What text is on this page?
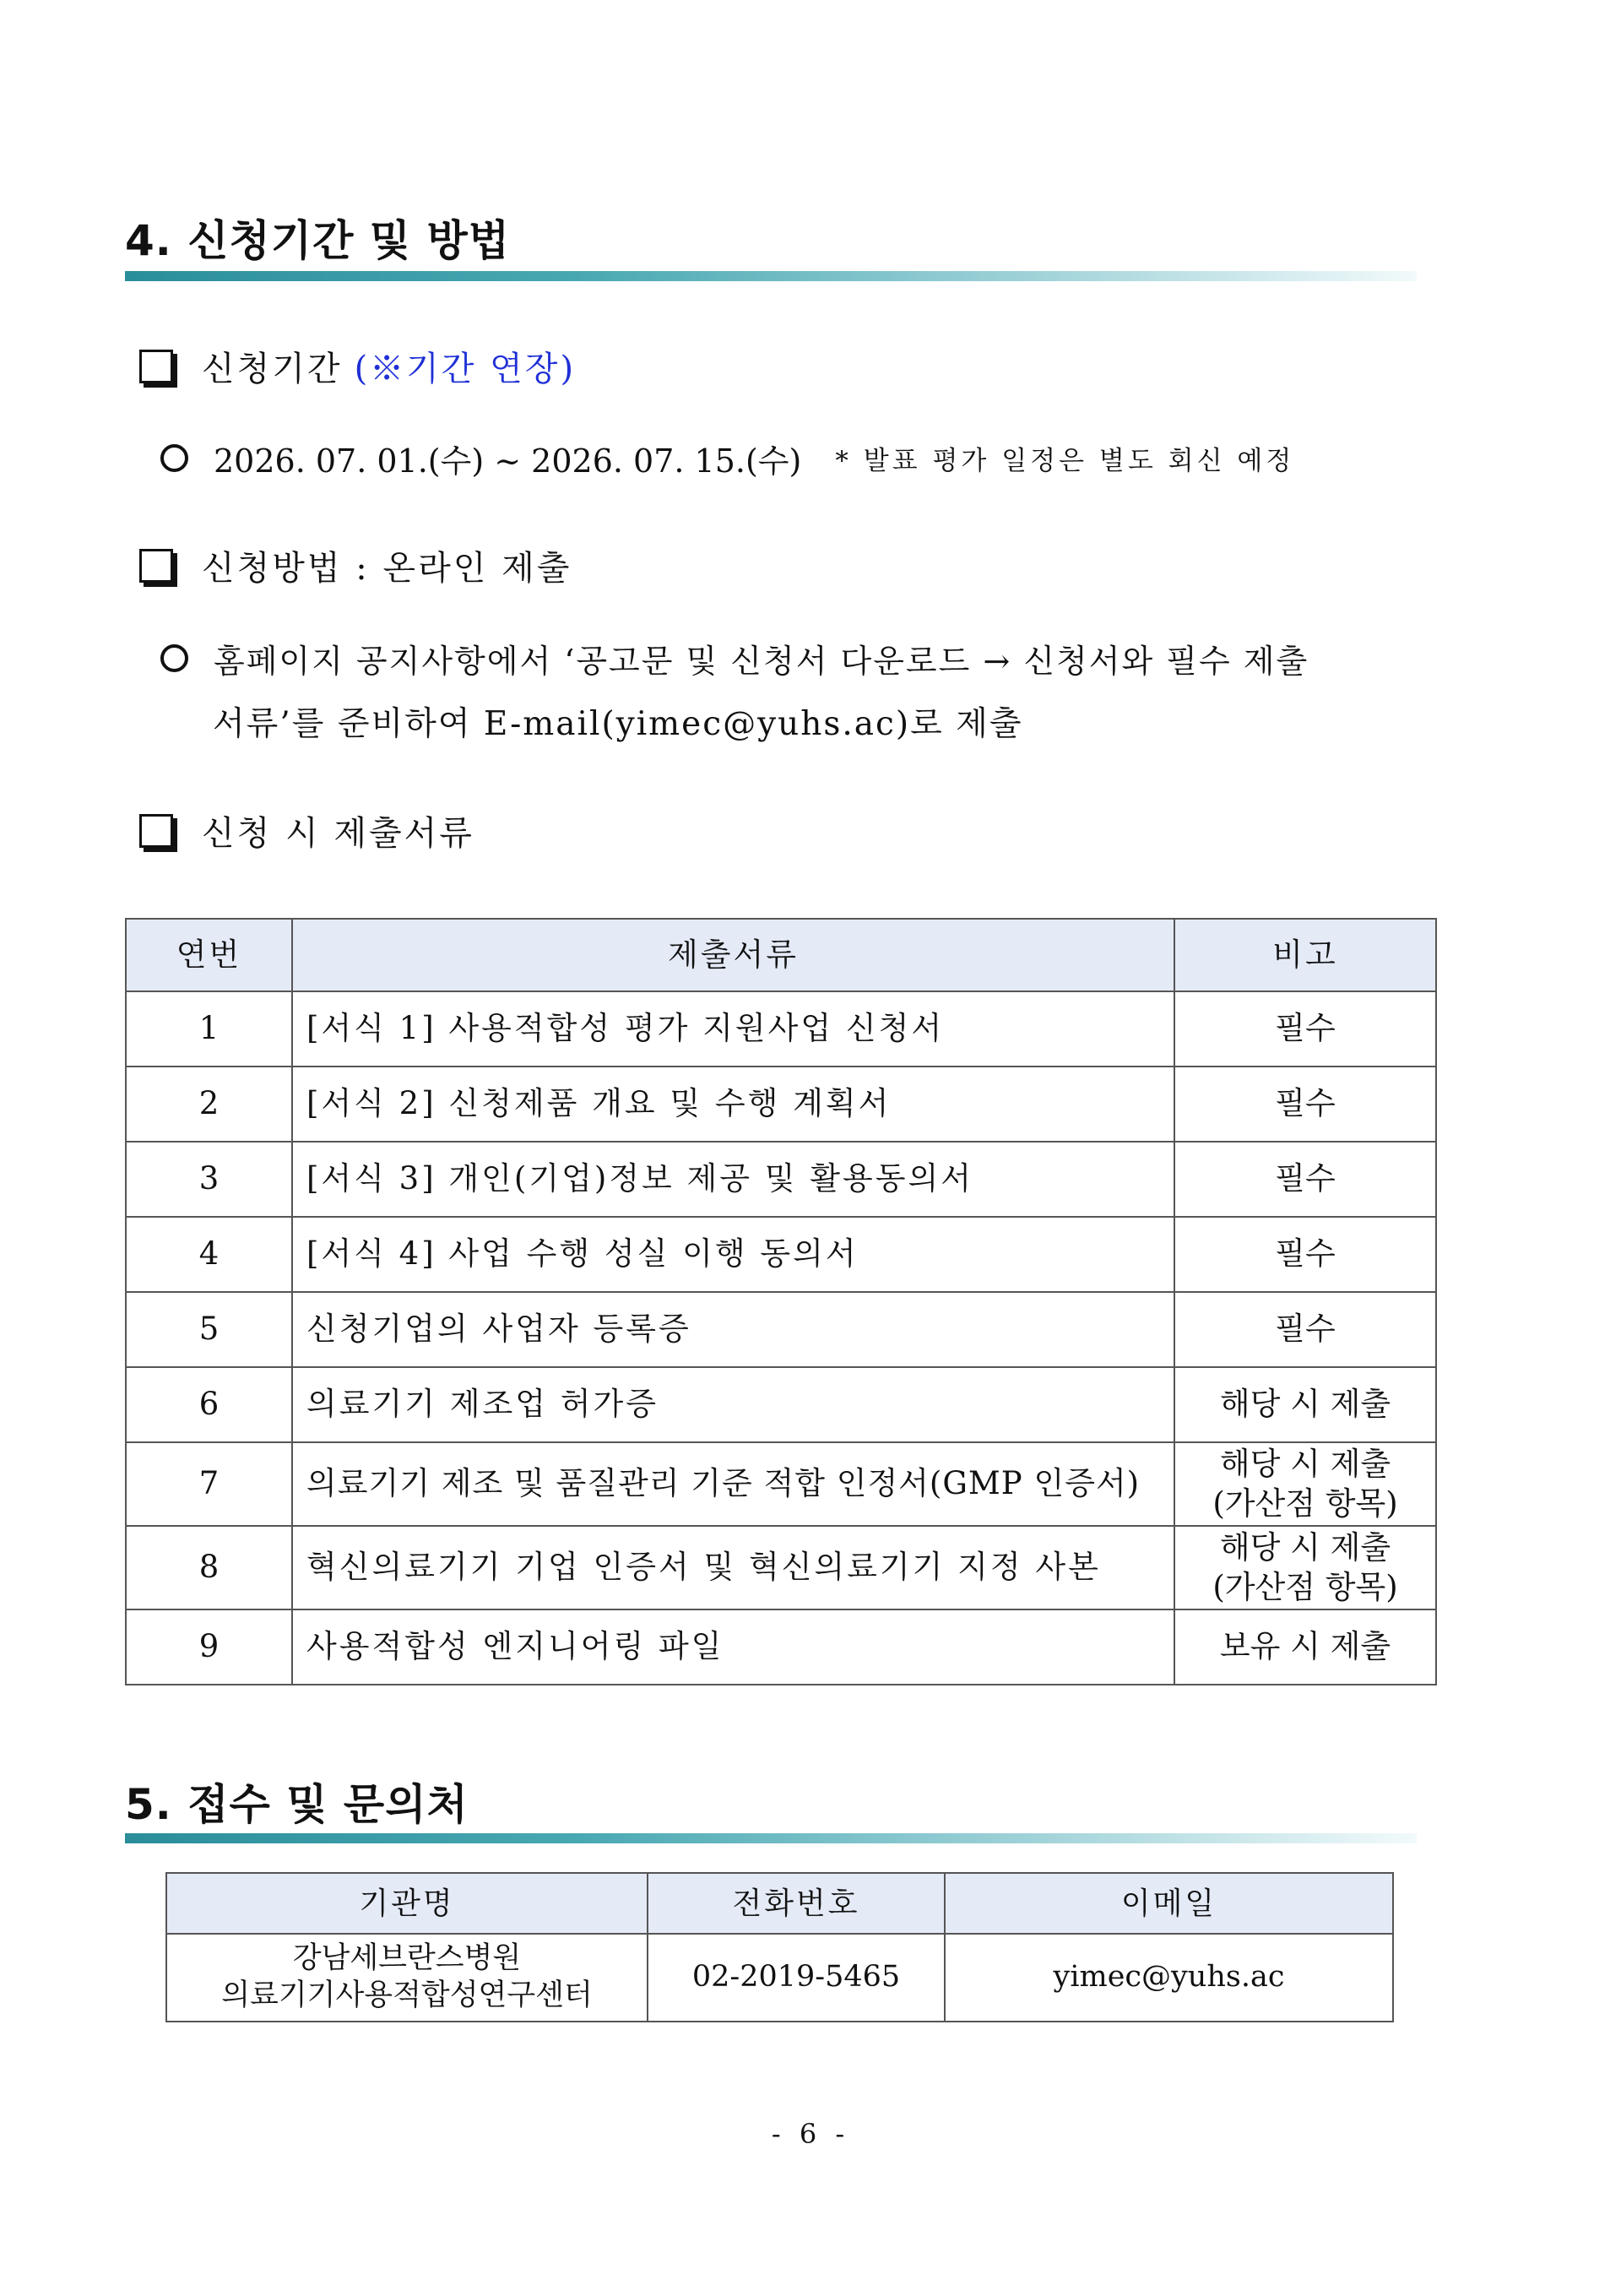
4. 신청기간 및 방법
신청기간 (※기간 연장)
2026. 07. 01.(수) ~ 2026. 07. 15.(수) * 발표 평가 일정은 별도 회신 예정
신청방법 : 온라인 제출
홈페이지 공지사항에서 ‘공고문 및 신청서 다운로드 → 신청서와 필수 제출
서류’를 준비하여 E-mail(yimec@yuhs.ac)로 제출
신청 시 제출서류
연번	제출서류	비고
1	[서식 1] 사용적합성 평가 지원사업 신청서	필수
2	[서식 2] 신청제품 개요 및 수행 계획서	필수
3	[서식 3] 개인(기업)정보 제공 및 활용동의서	필수
4	[서식 4] 사업 수행 성실 이행 동의서	필수
5	신청기업의 사업자 등록증	필수
6	의료기기 제조업 허가증	해당 시 제출
7	의료기기 제조 및 품질관리 기준 적합 인정서(GMP 인증서)	해당 시 제출
(가산점 항목)

8	혁신의료기기 기업 인증서 및 혁신의료기기 지정 사본	해당 시 제출
(가산점 항목)

9	사용적합성 엔지니어링 파일	보유 시 제출
5. 접수 및 문의처
기관명	전화번호	이메일

강남세브란스병원
의료기기사용적합성연구센터	02-2019-5465	yimec@yuhs.ac
- 6 -
